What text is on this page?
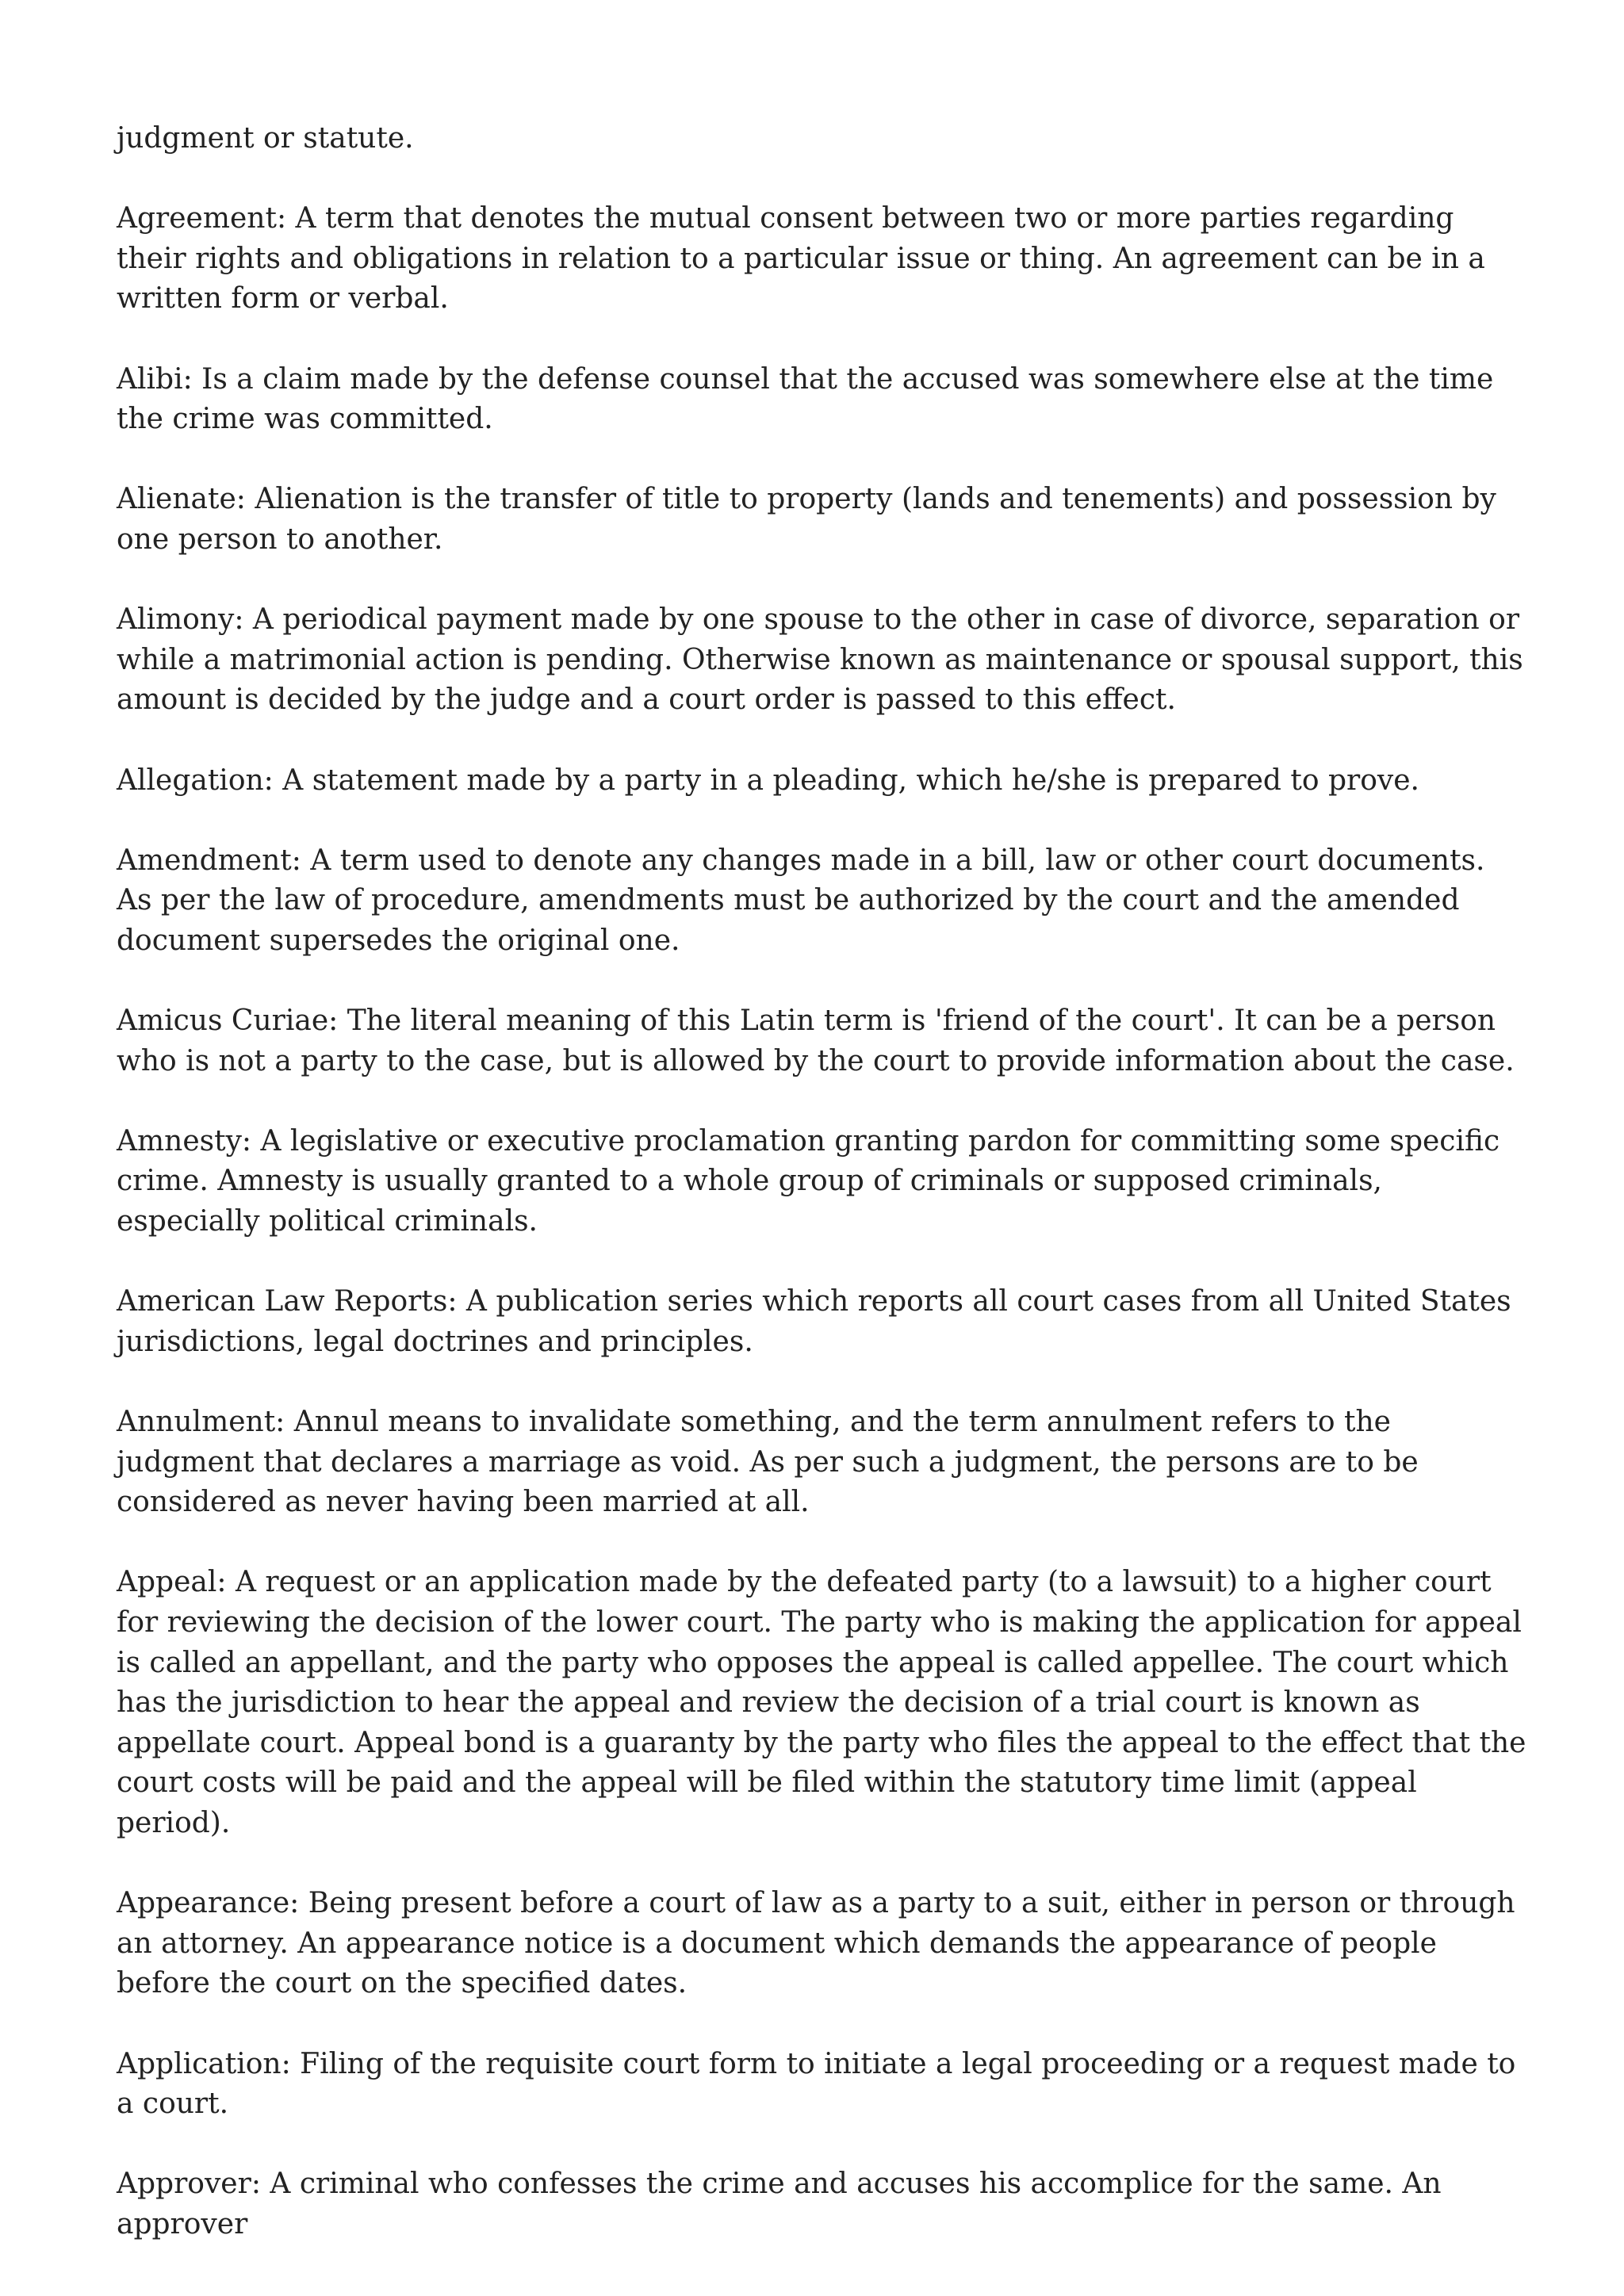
judgment or statute.

Agreement: A term that denotes the mutual consent between two or more parties regarding their rights and obligations in relation to a particular issue or thing. An agreement can be in a written form or verbal.

Alibi: Is a claim made by the defense counsel that the accused was somewhere else at the time the crime was committed.

Alienate: Alienation is the transfer of title to property (lands and tenements) and possession by one person to another.

Alimony: A periodical payment made by one spouse to the other in case of divorce, separation or while a matrimonial action is pending. Otherwise known as maintenance or spousal support, this amount is decided by the judge and a court order is passed to this effect.

Allegation: A statement made by a party in a pleading, which he/she is prepared to prove.

Amendment: A term used to denote any changes made in a bill, law or other court documents. As per the law of procedure, amendments must be authorized by the court and the amended document supersedes the original one.

Amicus Curiae: The literal meaning of this Latin term is 'friend of the court'. It can be a person who is not a party to the case, but is allowed by the court to provide information about the case.

Amnesty: A legislative or executive proclamation granting pardon for committing some specific crime. Amnesty is usually granted to a whole group of criminals or supposed criminals, especially political criminals.

American Law Reports: A publication series which reports all court cases from all United States jurisdictions, legal doctrines and principles.

Annulment: Annul means to invalidate something, and the term annulment refers to the judgment that declares a marriage as void. As per such a judgment, the persons are to be considered as never having been married at all.

Appeal: A request or an application made by the defeated party (to a lawsuit) to a higher court for reviewing the decision of the lower court. The party who is making the application for appeal is called an appellant, and the party who opposes the appeal is called appellee. The court which has the jurisdiction to hear the appeal and review the decision of a trial court is known as appellate court. Appeal bond is a guaranty by the party who files the appeal to the effect that the court costs will be paid and the appeal will be filed within the statutory time limit (appeal period).

Appearance: Being present before a court of law as a party to a suit, either in person or through an attorney. An appearance notice is a document which demands the appearance of people before the court on the specified dates.

Application: Filing of the requisite court form to initiate a legal proceeding or a request made to a court.

Approver: A criminal who confesses the crime and accuses his accomplice for the same. An approver
